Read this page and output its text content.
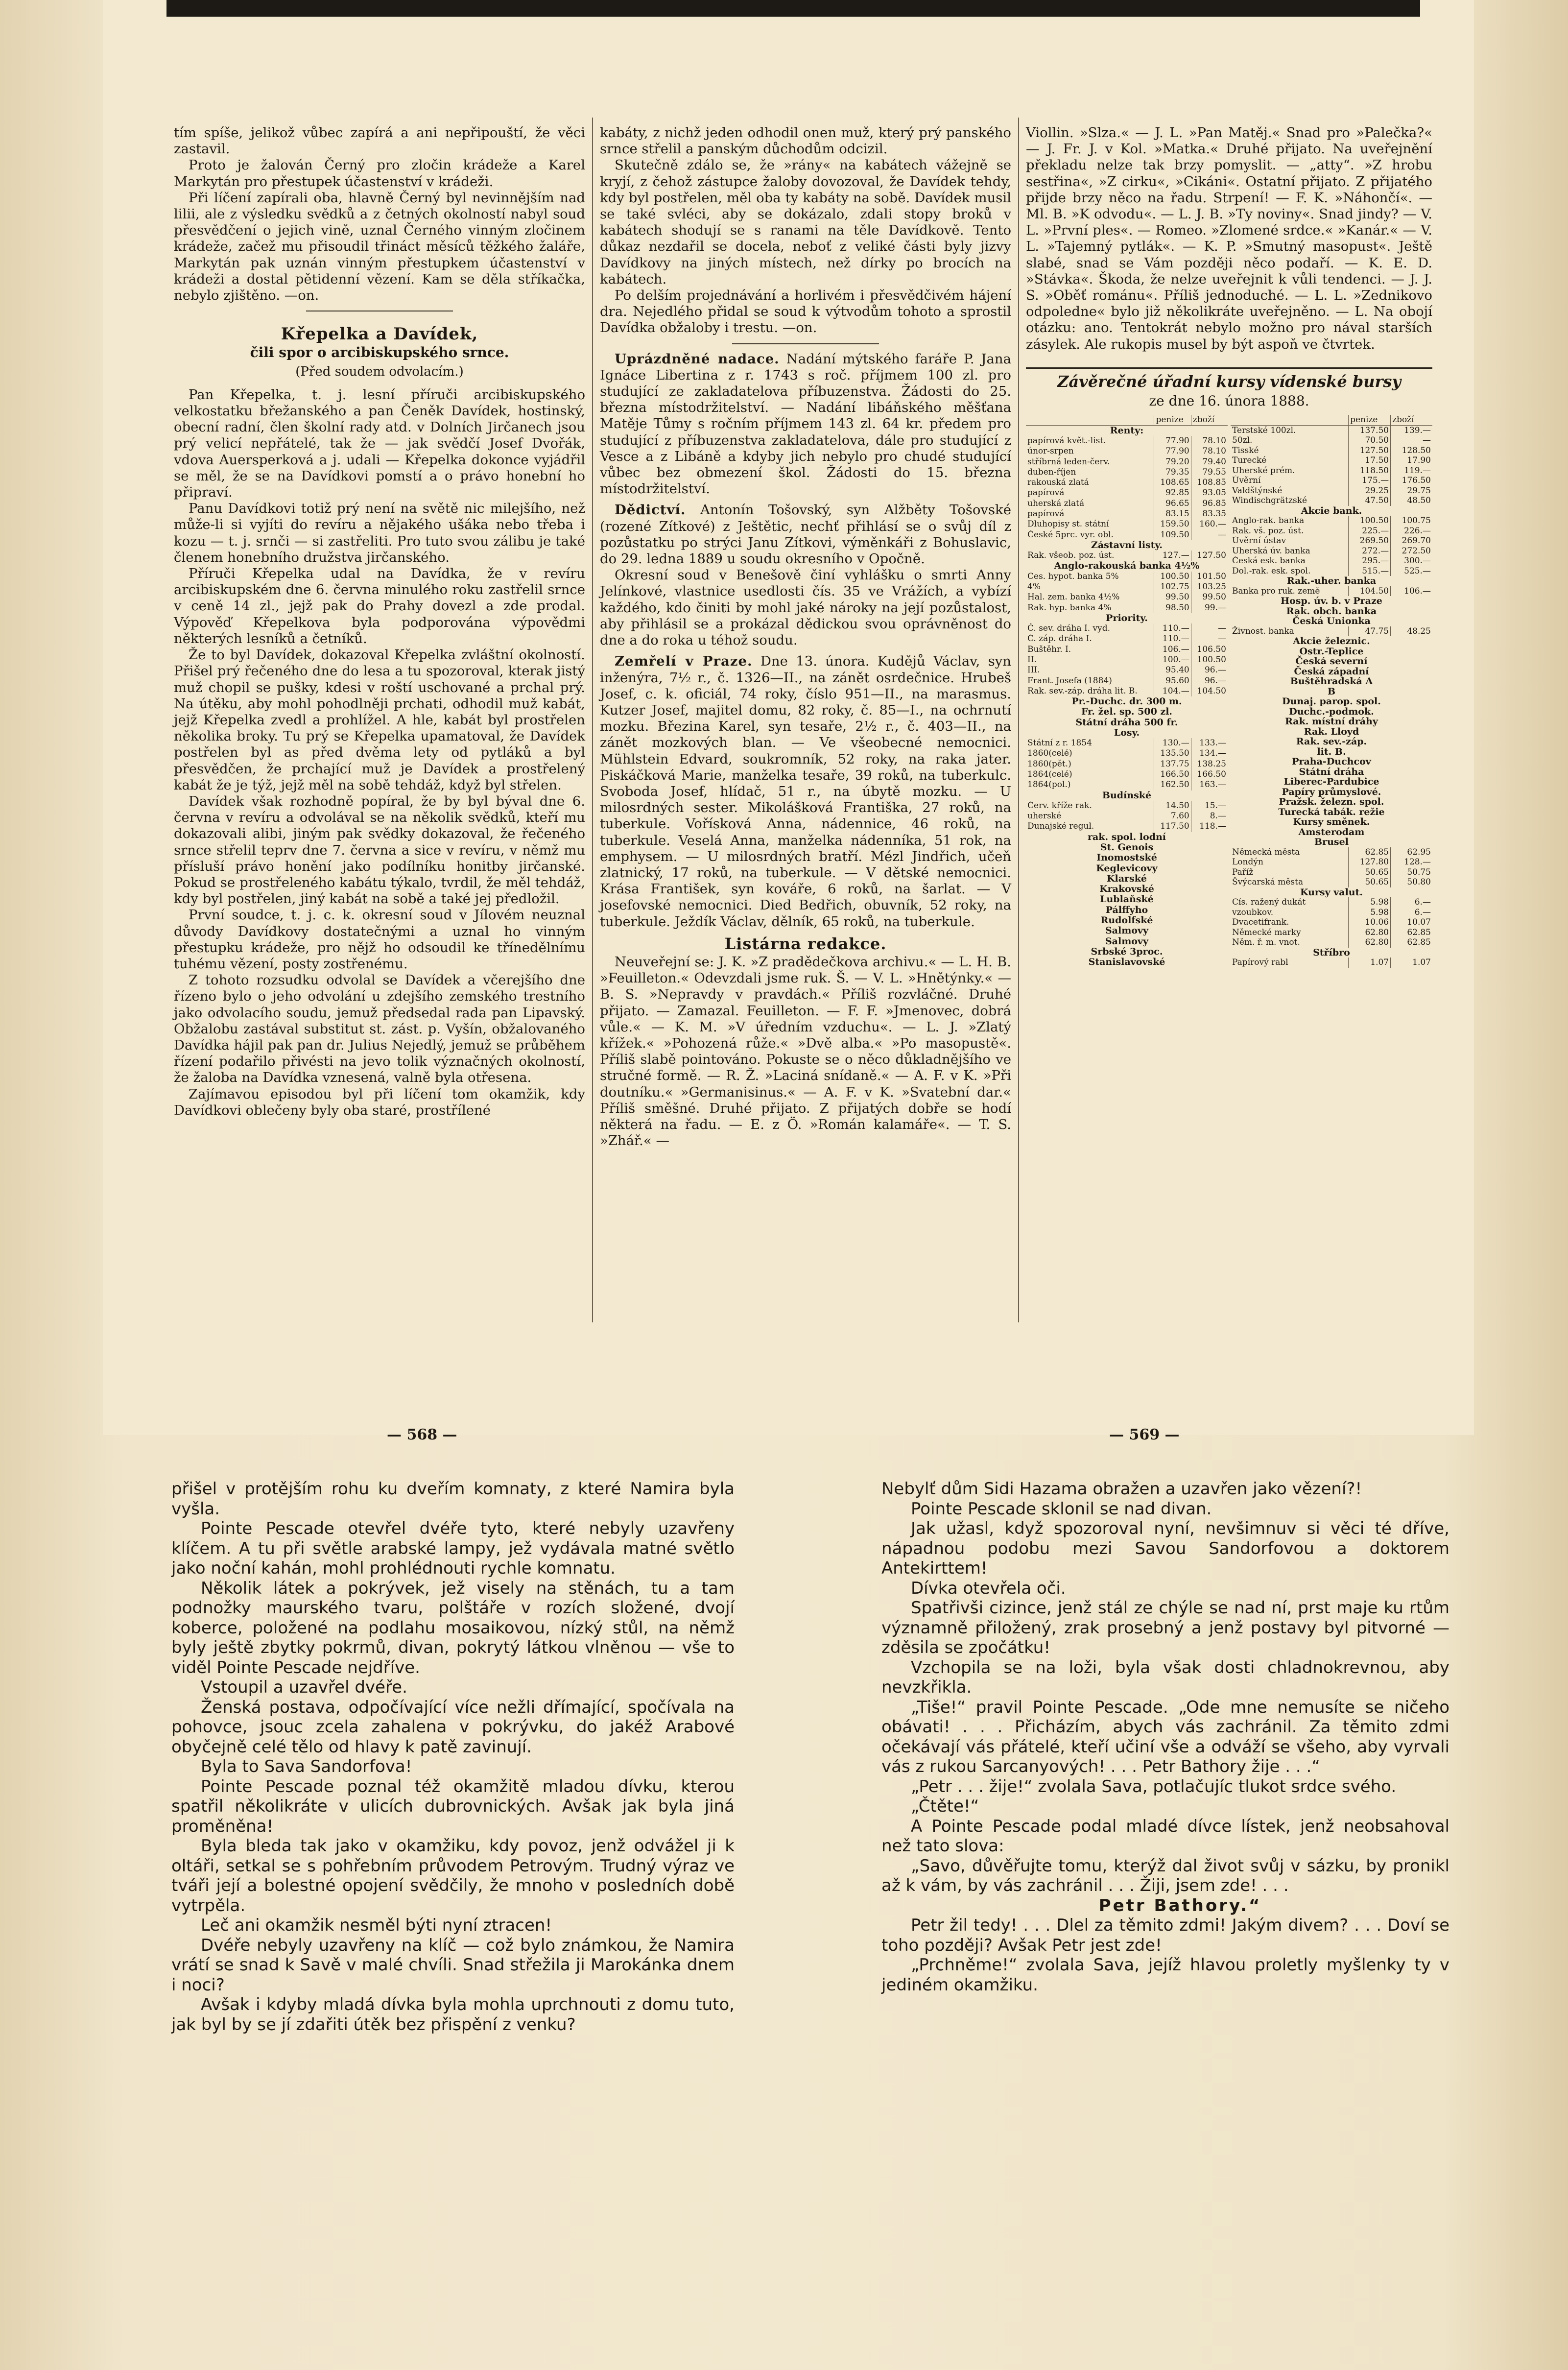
tím spíše, jelikož vůbec zapírá a ani nepřipouští, že věci zastavil.

Proto je žalován Černý pro zločin krádeže a Karel Markytán pro přestupek účastenství v krádeži.

Při líčení zapírali oba, hlavně Černý byl nevinnějším nad lilii, ale z výsledku svědků a z četných okolností nabyl soud přesvědčení o jejich vině, uznal Černého vinným zločinem krádeže, začež mu přisoudil třináct měsíců těžkého žaláře, Markytán pak uznán vinným přestupkem účastenství v krádeži a dostal pětidenní vězení. Kam se děla stříkačka, nebylo zjištěno. —on.

Křepelka a Davídek,
čili spor o arcibiskupského srnce.
(Před soudem odvolacím.)

Pan Křepelka, t. j. lesní příruči arcibiskupského velkostatku břežanského a pan Čeněk Davídek, hostinský, obecní radní, člen školní rady atd. v Dolních Jirčanech jsou prý velicí nepřátelé, tak že — jak svědčí Josef Dvořák, vdova Auersperková a j. udali — Křepelka dokonce vyjádřil se měl, že se na Davídkovi pomstí a o právo honební ho připraví.

Panu Davídkovi totiž prý není na světě nic milejšího, než může-li si vyjíti do revíru a nějakého ušáka nebo třeba i kozu — t. j. srnči — si zastřeliti. Pro tuto svou zálibu je také členem honebního družstva jirčanského.

Příruči Křepelka udal na Davídka, že v revíru arcibiskupském dne 6. června minulého roku zastřelil srnce v ceně 14 zl., jejž pak do Prahy dovezl a zde prodal. Výpověď Křepelkova byla podporována výpovědmi některých lesníků a četníků.

Že to byl Davídek, dokazoval Křepelka zvláštní okolností. Přišel prý řečeného dne do lesa a tu spozoroval, kterak jistý muž chopil se pušky, kdesi v roští uschované a prchal prý. Na útěku, aby mohl pohodlněji prchati, odhodil muž kabát, jejž Křepelka zvedl a prohlížel. A hle, kabát byl prostřelen několika broky. Tu prý se Křepelka upamatoval, že Davídek postřelen byl as před dvěma lety od pytláků a byl přesvědčen, že prchající muž je Davídek a prostřelený kabát že je týž, jejž měl na sobě tehdáž, když byl střelen.

Davídek však rozhodně popíral, že by byl býval dne 6. června v revíru a odvolával se na několik svědků, kteří mu dokazovali alibi, jiným pak svědky dokazoval, že řečeného srnce střelil teprv dne 7. června a sice v revíru, v němž mu přísluší právo honění jako podílníku honitby jirčanské. Pokud se prostřeleného kabátu týkalo, tvrdil, že měl tehdáž, kdy byl postřelen, jiný kabát na sobě a také jej předložil.

První soudce, t. j. c. k. okresní soud v Jílovém neuznal důvody Davídkovy dostatečnými a uznal ho vinným přestupku krádeže, pro nějž ho odsoudil ke třínedělnímu tuhému vězení, posty zostřenému.

Z tohoto rozsudku odvolal se Davídek a včerejšího dne řízeno bylo o jeho odvolání u zdejšího zemského trestního jako odvolacího soudu, jemuž předsedal rada pan Lipavský. Obžalobu zastával substitut st. zást. p. Vyšín, obžalovaného Davídka hájil pak pan dr. Julius Nejedlý, jemuž se průběhem řízení podařilo přivésti na jevo tolik význačných okolností, že žaloba na Davídka vznesená, valně byla otřesena.

Zajímavou episodou byl při líčení tom okamžik, kdy Davídkovi oblečeny byly oba staré, prostřílené

kabáty, z nichž jeden odhodil onen muž, který prý panského srnce střelil a panským důchodům odcizil.

Skutečně zdálo se, že »rány« na kabátech vážejně se kryjí, z čehož zástupce žaloby dovozoval, že Davídek tehdy, kdy byl postřelen, měl oba ty kabáty na sobě. Davídek musil se také svléci, aby se dokázalo, zdali stopy broků v kabátech shodují se s ranami na těle Davídkově. Tento důkaz nezdařil se docela, neboť z veliké části byly jizvy Davídkovy na jiných místech, než dírky po brocích na kabátech.

Po delším projednávání a horlivém i přesvědčivém hájení dra. Nejedlého přidal se soud k výtvodům tohoto a sprostil Davídka obžaloby i trestu. —on.

Uprázdněné nadace. Nadání mýtského faráře P. Jana Ignáce Libertina z r. 1743 s roč. příjmem 100 zl. pro studující ze zakladatelova příbuzenstva. Žádosti do 25. března místodržitelství. — Nadání libáňského měšťana Matěje Tůmy s ročním příjmem 143 zl. 64 kr. předem pro studující z příbuzenstva zakladatelova, dále pro studující z Vesce a z Libáně a kdyby jich nebylo pro chudé studující vůbec bez obmezení škol. Žádosti do 15. března místodržitelství.

Dědictví. Antonín Tošovský, syn Alžběty Tošovské (rozené Zítkové) z Ještětic, nechť přihlásí se o svůj díl z pozůstatku po strýci Janu Zítkovi, výměnkáři z Bohuslavic, do 29. ledna 1889 u soudu okresního v Opočně.

Okresní soud v Benešově činí vyhlášku o smrti Anny Jelínkové, vlastnice usedlosti čís. 35 ve Vrážích, a vybízí každého, kdo činiti by mohl jaké nároky na její pozůstalost, aby přihlásil se a prokázal dědickou svou oprávněnost do dne a do roka u téhož soudu.

Zemřelí v Praze. Dne 13. února. Kudějů Václav, syn inženýra, 7½ r., č. 1326—II., na zánět osrdečnice. Hrubeš Josef, c. k. oficiál, 74 roky, číslo 951—II., na marasmus. Kutzer Josef, majitel domu, 82 roky, č. 85—I., na ochrnutí mozku. Březina Karel, syn tesaře, 2½ r., č. 403—II., na zánět mozkových blan. — Ve všeobecné nemocnici. Mühlstein Edvard, soukromník, 52 roky, na raka jater. Piskáčková Marie, manželka tesaře, 39 roků, na tuberkulc. Svoboda Josef, hlídač, 51 r., na úbytě mozku. — U milosrdných sester. Mikolášková Františka, 27 roků, na tuberkule. Vořísková Anna, nádennice, 46 roků, na tuberkule. Veselá Anna, manželka nádenníka, 51 rok, na emphysem. — U milosrdných bratří. Mézl Jindřich, učeň zlatnický, 17 roků, na tuberkule. — V dětské nemocnici. Krása František, syn kováře, 6 roků, na šarlat. — V josefovské nemocnici. Died Bedřich, obuvník, 52 roky, na tuberkule. Ježdík Václav, dělník, 65 roků, na tuberkule.

Listárna redakce.

Neuveřejní se: J. K. »Z pradědečkova archivu.« — L. H. B. »Feuilleton.« Odevzdali jsme ruk. Š. — V. L. »Hnětýnky.« — B. S. »Nepravdy v pravdách.« Příliš rozvláčné. Druhé přijato. — Zamazal. Feuilleton. — F. F. »Jmenovec, dobrá vůle.« — K. M. »V úředním vzduchu«. — L. J. »Zlatý křížek.« »Pohozená růže.« »Dvě alba.« »Po masopustě«. Příliš slabě pointováno. Pokuste se o něco důkladnějšího ve stručné formě. — R. Ž. »Laciná snídaně.« — A. F. v K. »Při doutníku.« »Germanisinus.« — A. F. v K. »Svatební dar.« Příliš směšné. Druhé přijato. Z přijatých dobře se hodí některá na řadu. — E. z Ö. »Román kalamáře«. — T. S. »Zhář.« —

Viollin. »Slza.« — J. L. »Pan Matěj.« Snad pro »Palečka?« — J. Fr. J. v Kol. »Matka.« Druhé přijato. Na uveřejnění překladu nelze tak brzy pomyslit. — „atty“. »Z hrobu sestřina«, »Z cirku«, »Cikáni«. Ostatní přijato. Z přijatého přijde brzy něco na řadu. Strpení! — F. K. »Náhončí«. — Ml. B. »K odvodu«. — L. J. B. »Ty noviny«. Snad jindy? — V. L. »První ples«. — Romeo. »Zlomené srdce.« »Kanár.« — V. L. »Tajemný pytlák«. — K. P. »Smutný masopust«. Ještě slabé, snad se Vám později něco podaří. — K. E. D. »Stávka«. Škoda, že nelze uveřejnit k vůli tendenci. — J. J. S. »Oběť románu«. Příliš jednoduché. — L. L. »Zednikovo odpoledne« bylo již několikráte uveřejněno. — L. Na obojí otázku: ano. Tentokrát nebylo možno pro nával starších zásylek. Ale rukopis musel by být aspoň ve čtvrtek.

Závěrečné úřadní kursy vídenské bursy
ze dne 16. února 1888.
	penize	zboží
Renty:		
papírová květ.-list.	77.90	78.10
únor-srpen	77.90	78.10
stříbrná leden-červ.	79.20	79.40
duben-říjen	79.35	79.55
rakouská zlatá	108.65	108.85
papírová	92.85	93.05
uherská zlatá	96.65	96.85
papírová	83.15	83.35
Dluhopisy st. státní	159.50	160.—
České 5prc. vyr. obl.	109.50	—
Zástavní listy.		
Rak. všeob. poz. úst.	127.—	127.50
Anglo-rakouská banka 4½%		
Ces. hypot. banka 5%	100.50	101.50
4%	102.75	103.25
Hal. zem. banka 4½%	99.50	99.50
Rak. hyp. banka 4%	98.50	99.—
Priority.		
Č. sev. dráha I. vyd.	110.—	—
Č. záp. dráha I.	110.—	—
Buštěhr. I.	106.—	106.50
II.	100.—	100.50
III.	95.40	96.—
Frant. Josefa (1884)	95.60	96.—
Rak. sev.-záp. dráha lit. B.	104.—	104.50
Pr.-Duchc. dr. 300 m.		
Fr. žel. sp. 500 zl.		
Státní dráha 500 fr.		
Losy.		
Státní z r. 1854	130.—	133.—
1860(celé)	135.50	134.—
1860(pět.)	137.75	138.25
1864(celé)	166.50	166.50
1864(pol.)	162.50	163.—
Budínské		
Červ. kříže rak.	14.50	15.—
uherské	7.60	8.—
Dunajské regul.	117.50	118.—
rak. spol. lodní		
St. Genois		
Inomostské		
Keglevicovy		
Klarské		
Krakovské		
Lublaňské		
Pálffyho		
Rudolfské		
Salmovy		
Salmovy		
Srbské 3proc.		
Stanislavovské		
	penize	zboží
Terstské 100zl.	137.50	139.—
50zl.	70.50	—
Tisské	127.50	128.50
Turecké	17.50	17.90
Uherské prém.	118.50	119.—
Úvěrní	175.—	176.50
Valdštýnské	29.25	29.75
Windischgrätzské	47.50	48.50
Akcie bank.		
Anglo-rak. banka	100.50	100.75
Rak. vš. poz. úst.	225.—	226.—
Úvěrní ústav	269.50	269.70
Uherská úv. banka	272.—	272.50
Česká esk. banka	295.—	300.—
Dol.-rak. esk. spol.	515.—	525.—
Rak.-uher. banka		
Banka pro ruk. země	104.50	106.—
Hosp. úv. b. v Praze		
Rak. obch. banka		
Česká Unionka		
Živnost. banka	47.75	48.25
Akcie železnic.		
Ostr.-Teplice		
Česká severní		
Česká západní		
Buštěhradská A		
B		
Dunaj. parop. spol.		
Duchc.-podmok.		
Rak. místní dráhy		
Rak. Lloyd		
Rak. sev.-záp.		
lit. B.		
Praha-Duchcov		
Státní dráha		
Liberec-Pardubice		
Papíry průmyslové.		
Pražsk. železn. spol.		
Turecká tabák. režie		
Kursy směnek.		
Amsterodam		
Brusel		
Německá města	62.85	62.95
Londýn	127.80	128.—
Paříž	50.65	50.75
Švýcarská města	50.65	50.80
Kursy valut.		
Cís. ražený dukát	5.98	6.—
vzoubkov.	5.98	6.—
Dvacetifrank.	10.06	10.07
Německé marky	62.80	62.85
Něm. ř. m. vnot.	62.80	62.85
Stříbro		
Papírový rabl	1.07	1.07
— 568 —	— 569 —

přišel v protějším rohu ku dveřím komnaty, z které Namira byla vyšla.

Pointe Pescade otevřel dvéře tyto, které nebyly uzavřeny klíčem. A tu při světle arabské lampy, jež vydávala matné světlo jako noční kahán, mohl prohlédnouti rychle komnatu.

Několik látek a pokrývek, jež visely na stěnách, tu a tam podnožky maurského tvaru, polštáře v rozích složené, dvojí koberce, položené na podlahu mosaikovou, nízký stůl, na němž byly ještě zbytky pokrmů, divan, pokrytý látkou vlněnou — vše to viděl Pointe Pescade nejdříve.

Vstoupil a uzavřel dvéře.

Ženská postava, odpočívající více nežli dřímající, spočívala na pohovce, jsouc zcela zahalena v pokrývku, do jakéž Arabové obyčejně celé tělo od hlavy k patě zavinují.

Byla to Sava Sandorfova!

Pointe Pescade poznal též okamžitě mladou dívku, kterou spatřil několikráte v ulicích dubrovnických. Avšak jak byla jiná proměněna!

Byla bleda tak jako v okamžiku, kdy povoz, jenž odvážel ji k oltáři, setkal se s pohřebním průvodem Petrovým. Trudný výraz ve tváři její a bolestné opojení svědčily, že mnoho v posledních době vytrpěla.

Leč ani okamžik nesměl býti nyní ztracen!

Dvéře nebyly uzavřeny na klíč — což bylo známkou, že Namira vrátí se snad k Savě v malé chvíli. Snad střežila ji Marokánka dnem i noci?

Avšak i kdyby mladá dívka byla mohla uprchnouti z domu tuto, jak byl by se jí zdařiti útěk bez přispění z venku?

Nebylť dům Sidi Hazama obražen a uzavřen jako vězení?!

Pointe Pescade sklonil se nad divan.

Jak užasl, když spozoroval nyní, nevšimnuv si věci té dříve, nápadnou podobu mezi Savou Sandorfovou a doktorem Antekirttem!

Dívka otevřela oči.

Spatřivši cizince, jenž stál ze chýle se nad ní, prst maje ku rtům významně přiložený, zrak prosebný a jenž postavy byl pitvorné — zděsila se zpočátku!

Vzchopila se na loži, byla však dosti chladnokrevnou, aby nevzkřikla.

„Tiše!“ pravil Pointe Pescade. „Ode mne nemusíte se ničeho obávati! . . . Přicházím, abych vás zachránil. Za těmito zdmi očekávají vás přátelé, kteří učiní vše a odváží se všeho, aby vyrvali vás z rukou Sarcanyových! . . . Petr Bathory žije . . .“

„Petr . . . žije!“ zvolala Sava, potlačujíc tlukot srdce svého.

„Čtěte!“

A Pointe Pescade podal mladé dívce lístek, jenž neobsahoval než tato slova:

„Savo, důvěřujte tomu, kterýž dal život svůj v sázku, by pronikl až k vám, by vás zachránil . . . Žiji, jsem zde! . . .

Petr Bathory.“

Petr žil tedy! . . . Dlel za těmito zdmi! Jakým divem? . . . Doví se toho později? Avšak Petr jest zde!

„Prchněme!“ zvolala Sava, jejíž hlavou proletly myšlenky ty v jediném okamžiku.
